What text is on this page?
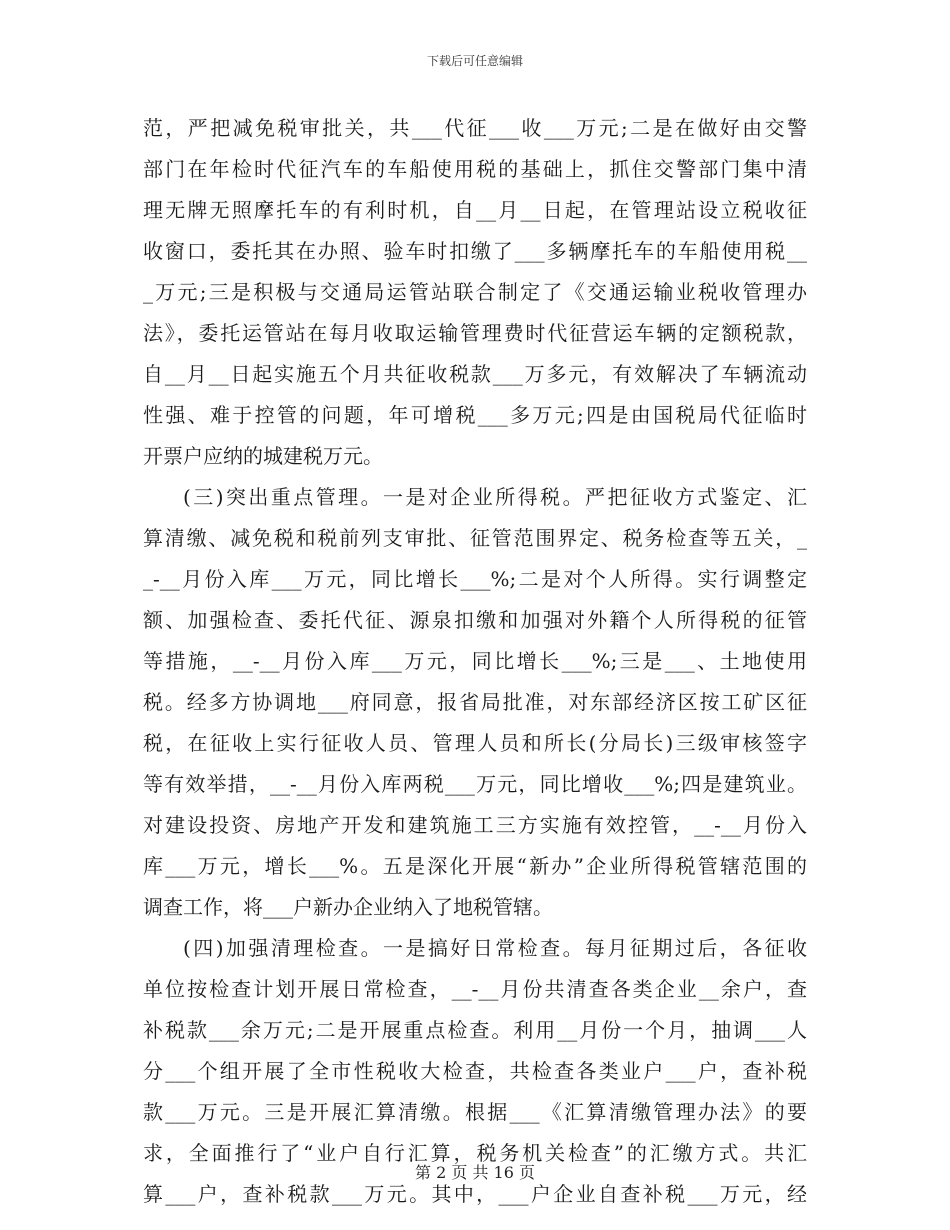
下载后可任意编辑
范，严把减免税审批关，共___代征___收___万元;二是在做好由交警
部门在年检时代征汽车的车船使用税的基础上，抓住交警部门集中清
理无牌无照摩托车的有利时机，自__月__日起，在管理站设立税收征
收窗口，委托其在办照、验车时扣缴了___多辆摩托车的车船使用税__
_万元;三是积极与交通局运管站联合制定了《交通运输业税收管理办
法》，委托运管站在每月收取运输管理费时代征营运车辆的定额税款，
自__月__日起实施五个月共征收税款___万多元，有效解决了车辆流动
性强、难于控管的问题，年可增税___多万元;四是由国税局代征临时
开票户应纳的城建税万元。
(三)突出重点管理。一是对企业所得税。严把征收方式鉴定、汇
算清缴、减免税和税前列支审批、征管范围界定、税务检查等五关，_
_-__月份入库___万元，同比增长___%;二是对个人所得。实行调整定
额、加强检查、委托代征、源泉扣缴和加强对外籍个人所得税的征管
等措施，__-__月份入库___万元，同比增长___%;三是___、土地使用
税。经多方协调地___府同意，报省局批准，对东部经济区按工矿区征
税，在征收上实行征收人员、管理人员和所长(分局长)三级审核签字
等有效举措，__-__月份入库两税___万元，同比增收___%;四是建筑业。
对建设投资、房地产开发和建筑施工三方实施有效控管，__-__月份入
库___万元，增长___%。五是深化开展“新办”企业所得税管辖范围的
调查工作，将___户新办企业纳入了地税管辖。
(四)加强清理检查。一是搞好日常检查。每月征期过后，各征收
单位按检查计划开展日常检查，__-__月份共清查各类企业__余户，查
补税款___余万元;二是开展重点检查。利用__月份一个月，抽调___人
分___个组开展了全市性税收大检查，共检查各类业户___户，查补税
款___万元。三是开展汇算清缴。根据___《汇算清缴管理办法》的要
求，全面推行了“业户自行汇算，税务机关检查”的汇缴方式。共汇
算___户，查补税款___万元。其中，___户企业自查补税___万元，经
第 2 页 共 16 页
